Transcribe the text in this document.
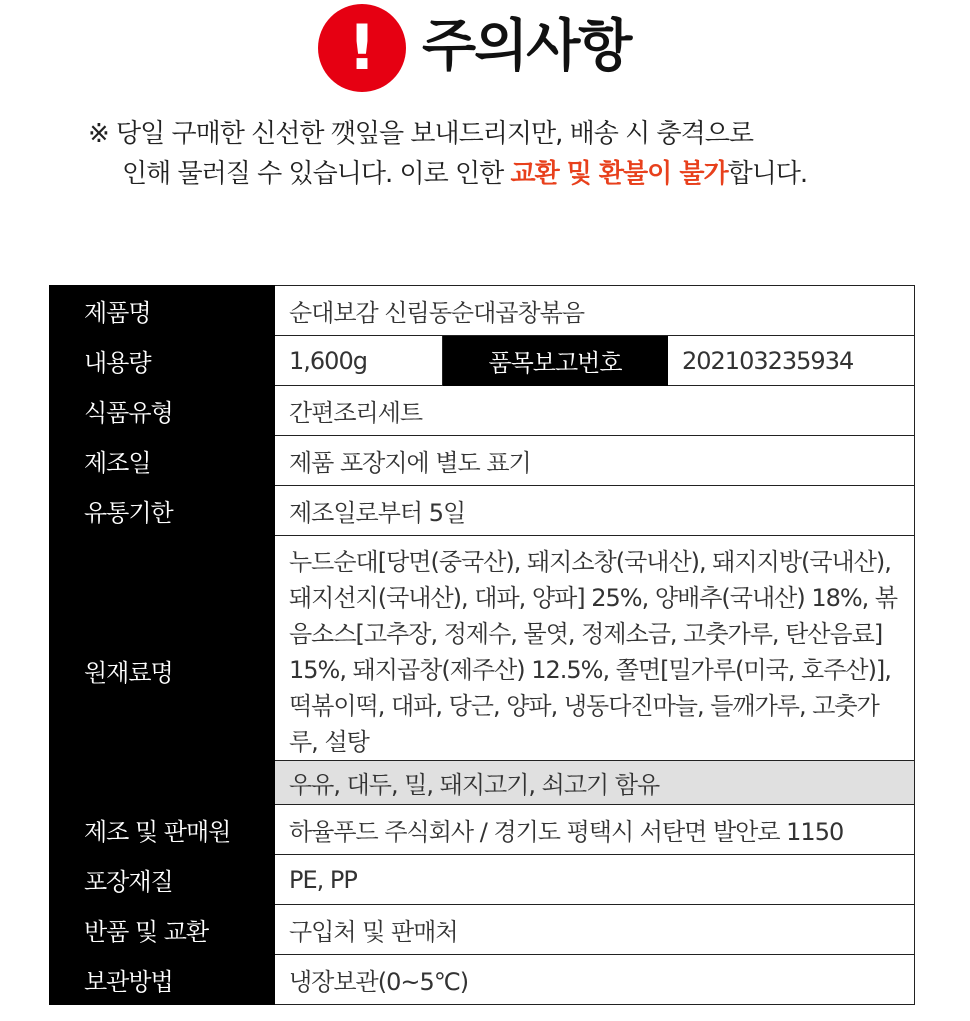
! 주의사항
※ 당일 구매한 신선한 깻잎을 보내드리지만, 배송 시 충격으로
인해 물러질 수 있습니다. 이로 인한 교환 및 환불이 불가합니다.
제품명	순대보감 신림동순대곱창볶음		
내용량	1,600g	품목보고번호	202103235934
식품유형	간편조리세트		
제조일	제품 포장지에 별도 표기		
유통기한	제조일로부터 5일		
원재료명	누드순대[당면(중국산), 돼지소창(국내산), 돼지지방(국내산), 돼지선지(국내산), 대파, 양파] 25%, 양배추(국내산) 18%, 볶음소스[고추장, 정제수, 물엿, 정제소금, 고춧가루, 탄산음료] 15%, 돼지곱창(제주산) 12.5%, 쫄면[밀가루(미국, 호주산)], 떡볶이떡, 대파, 당근, 양파, 냉동다진마늘, 들깨가루, 고춧가루, 설탕		
	우유, 대두, 밀, 돼지고기, 쇠고기 함유		
제조 및 판매원	하율푸드 주식회사 / 경기도 평택시 서탄면 발안로 1150		
포장재질	PE, PP		
반품 및 교환	구입처 및 판매처		
보관방법	냉장보관(0~5℃)		
